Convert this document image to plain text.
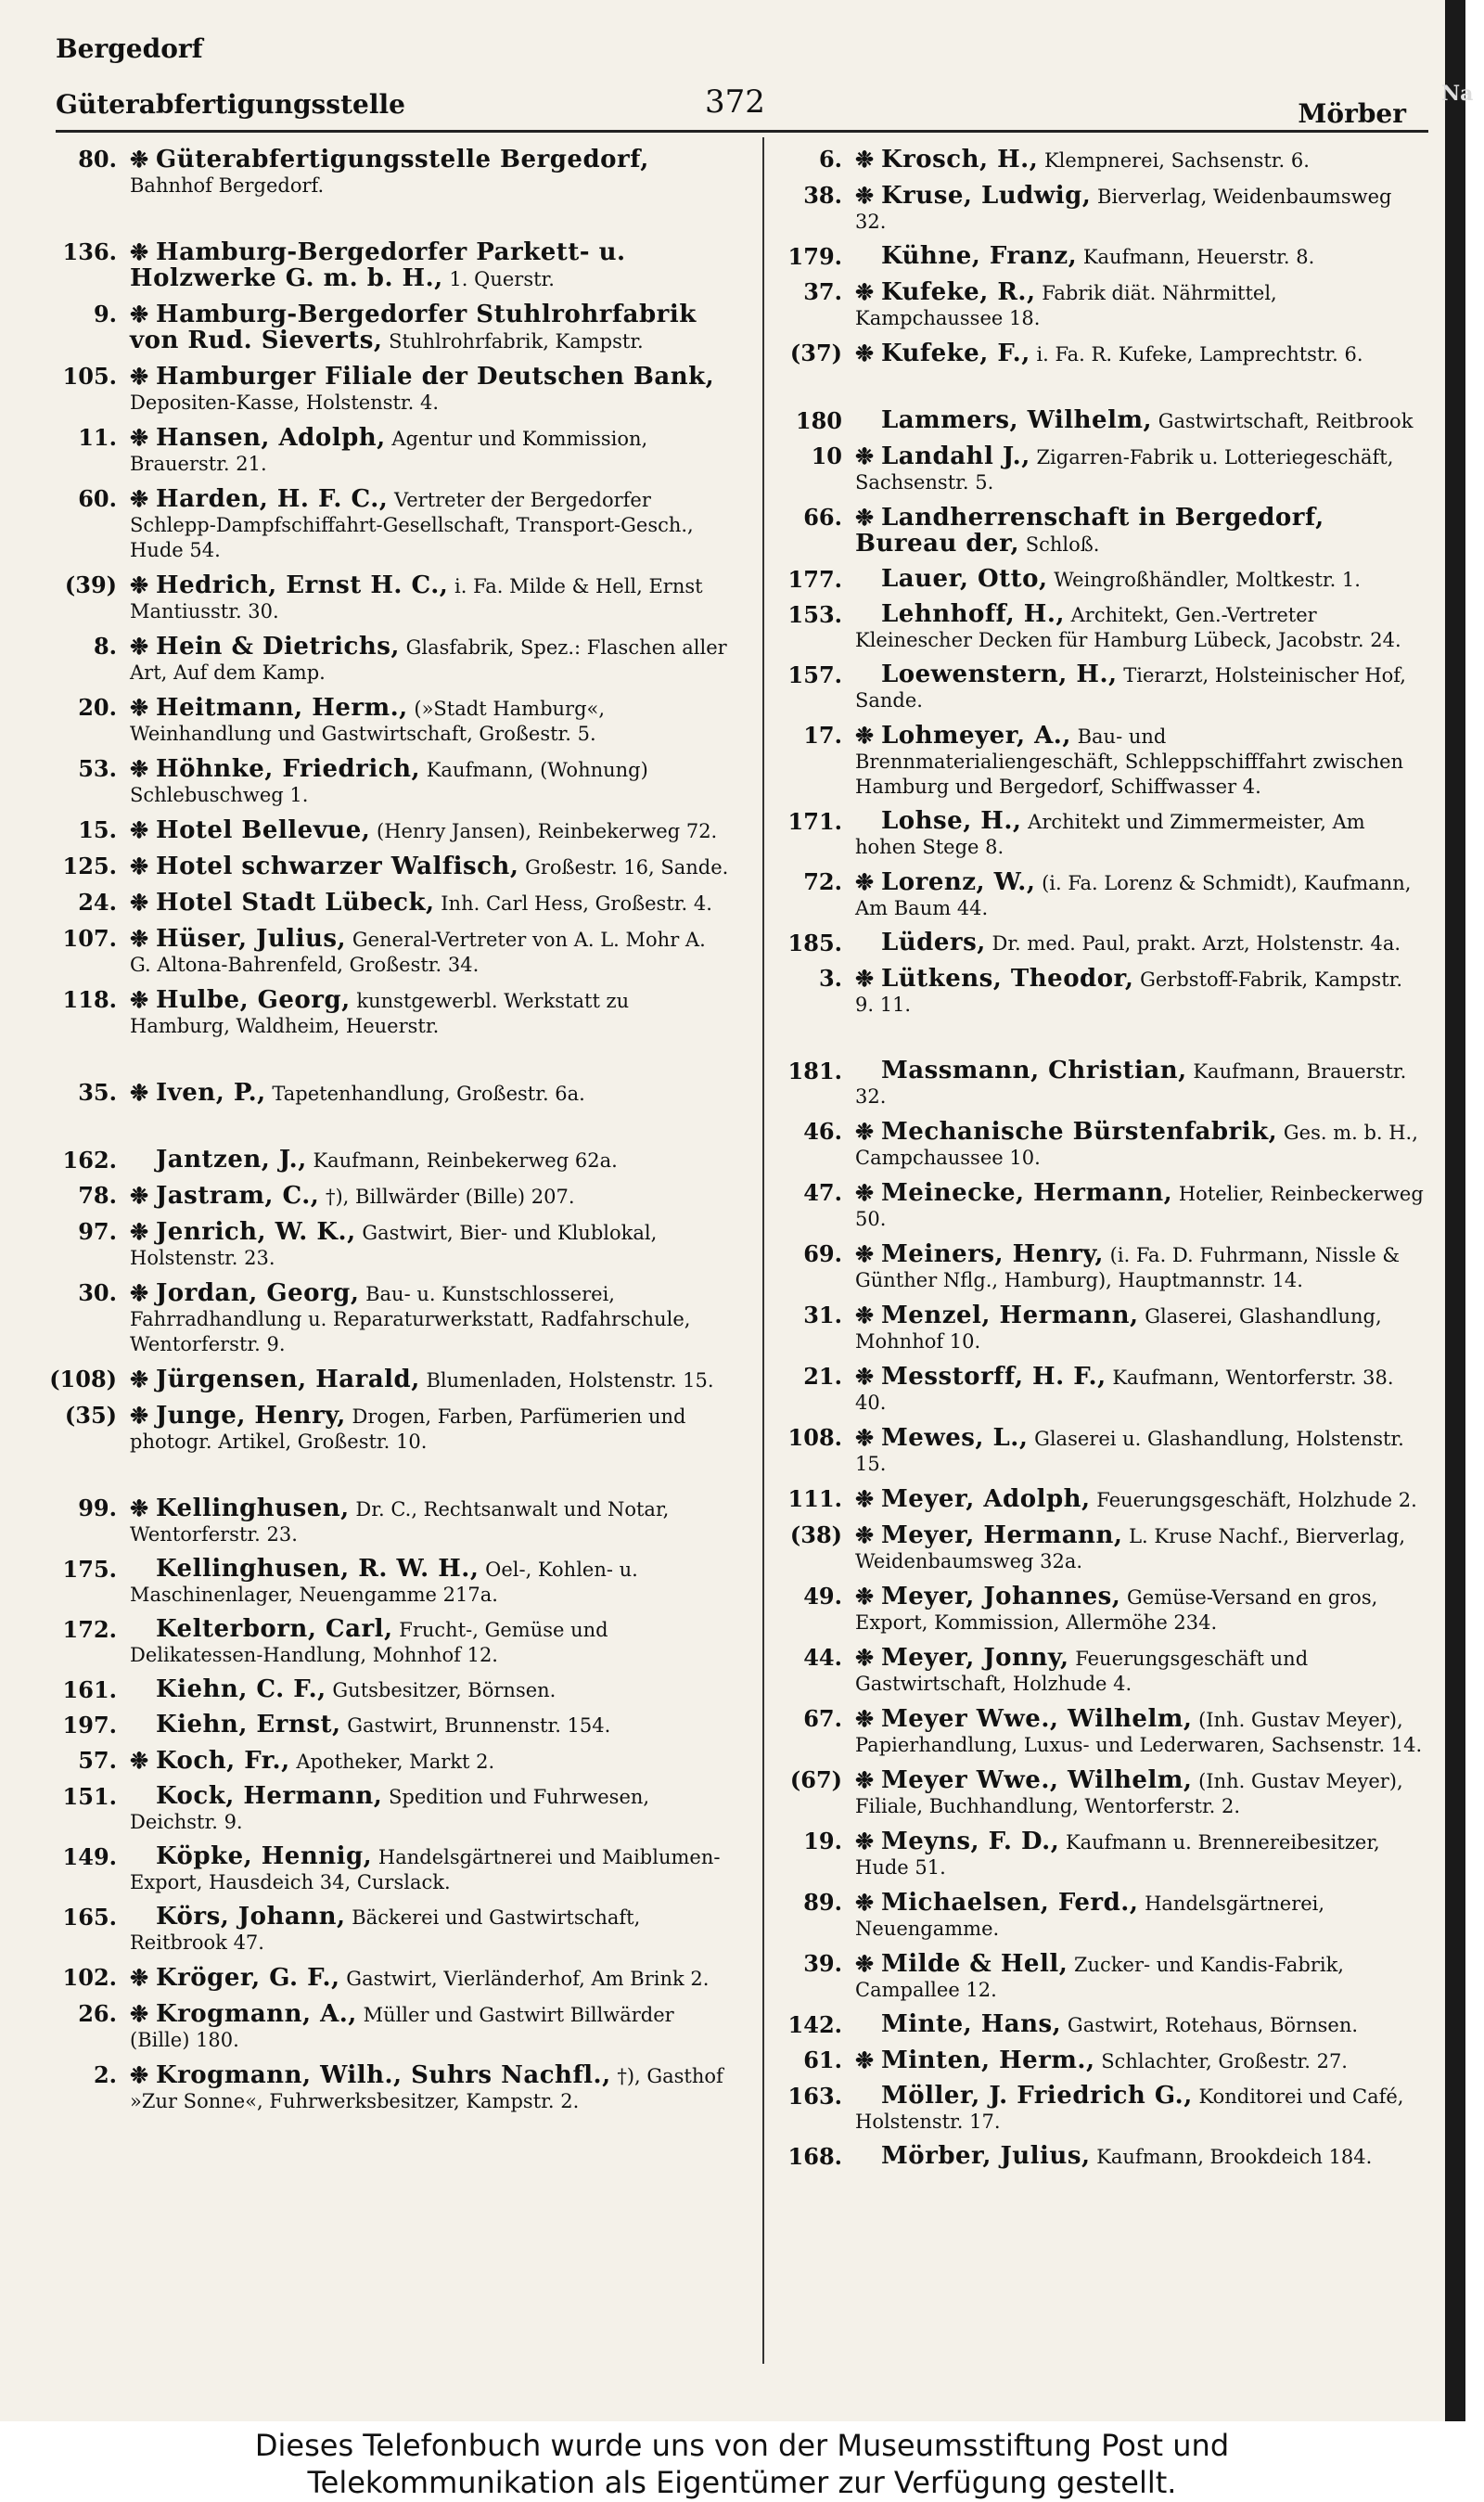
Bergedorf
Güterabfertigungsstelle	372	Mörber
80. ❉ Güterabfertigungsstelle Bergedorf, Bahnhof Bergedorf.
136. ❉ Hamburg-Bergedorfer Parkett- u. Holzwerke G. m. b. H., 1. Querstr.
9. ❉ Hamburg-Bergedorfer Stuhlrohrfabrik von Rud. Sieverts, Stuhlrohrfabrik, Kampstr.
105. ❉ Hamburger Filiale der Deutschen Bank, Depositen-Kasse, Holstenstr. 4.
11. ❉ Hansen, Adolph, Agentur und Kommission, Brauerstr. 21.
60. ❉ Harden, H. F. C., Vertreter der Bergedorfer Schlepp-Dampfschiffahrt-Gesellschaft, Transport-Gesch., Hude 54.
(39) ❉ Hedrich, Ernst H. C., i. Fa. Milde & Hell, Ernst Mantiusstr. 30.
8. ❉ Hein & Dietrichs, Glasfabrik, Spez.: Flaschen aller Art, Auf dem Kamp.
20. ❉ Heitmann, Herm., (»Stadt Hamburg«, Weinhandlung und Gastwirtschaft, Großestr. 5.
53. ❉ Höhnke, Friedrich, Kaufmann, (Wohnung) Schlebuschweg 1.
15. ❉ Hotel Bellevue, (Henry Jansen), Reinbekerweg 72.
125. ❉ Hotel schwarzer Walfisch, Großestr. 16, Sande.
24. ❉ Hotel Stadt Lübeck, Inh. Carl Hess, Großestr. 4.
107. ❉ Hüser, Julius, General-Vertreter von A. L. Mohr A. G. Altona-Bahrenfeld, Großestr. 34.
118. ❉ Hulbe, Georg, kunstgewerbl. Werkstatt zu Hamburg, Waldheim, Heuerstr.
35. ❉ Iven, P., Tapetenhandlung, Großestr. 6a.
162.	Jantzen, J., Kaufmann, Reinbekerweg 62a.
78. ❉ Jastram, C., †), Billwärder (Bille) 207.
97. ❉ Jenrich, W. K., Gastwirt, Bier- und Klublokal, Holstenstr. 23.
30. ❉ Jordan, Georg, Bau- u. Kunstschlosserei, Fahrradhandlung u. Reparaturwerkstatt, Radfahrschule, Wentorferstr. 9.
(108) ❉ Jürgensen, Harald, Blumenladen, Holstenstr. 15.
(35) ❉ Junge, Henry, Drogen, Farben, Parfümerien und photogr. Artikel, Großestr. 10.
99. ❉ Kellinghusen, Dr. C., Rechtsanwalt und Notar, Wentorferstr. 23.
175.	Kellinghusen, R. W. H., Oel-, Kohlen- u. Maschinenlager, Neuengamme 217a.
172.	Kelterborn, Carl, Frucht-, Gemüse und Delikatessen-Handlung, Mohnhof 12.
161.	Kiehn, C. F., Gutsbesitzer, Börnsen.
197.	Kiehn, Ernst, Gastwirt, Brunnenstr. 154.
57. ❉ Koch, Fr., Apotheker, Markt 2.
151.	Kock, Hermann, Spedition und Fuhrwesen, Deichstr. 9.
149.	Köpke, Hennig, Handelsgärtnerei und Maiblumen-Export, Hausdeich 34, Curslack.
165.	Körs, Johann, Bäckerei und Gastwirtschaft, Reitbrook 47.
102. ❉ Kröger, G. F., Gastwirt, Vierländerhof, Am Brink 2.
26. ❉ Krogmann, A., Müller und Gastwirt Billwärder (Bille) 180.
2. ❉ Krogmann, Wilh., Suhrs Nachfl., †), Gasthof »Zur Sonne«, Fuhrwerksbesitzer, Kampstr. 2.
6. ❉ Krosch, H., Klempnerei, Sachsenstr. 6.
38. ❉ Kruse, Ludwig, Bierverlag, Weidenbaumsweg 32.
179.	Kühne, Franz, Kaufmann, Heuerstr. 8.
37. ❉ Kufeke, R., Fabrik diät. Nährmittel, Kampchaussee 18.
(37) ❉ Kufeke, F., i. Fa. R. Kufeke, Lamprechtstr. 6.
180	Lammers, Wilhelm, Gastwirtschaft, Reitbrook
10 ❉ Landahl J., Zigarren-Fabrik u. Lotteriegeschäft, Sachsenstr. 5.
66. ❉ Landherrenschaft in Bergedorf, Bureau der, Schloß.
177.	Lauer, Otto, Weingroßhändler, Moltkestr. 1.
153.	Lehnhoff, H., Architekt, Gen.-Vertreter Kleinescher Decken für Hamburg Lübeck, Jacobstr. 24.
157.	Loewenstern, H., Tierarzt, Holsteinischer Hof, Sande.
17. ❉ Lohmeyer, A., Bau- und Brennmaterialiengeschäft, Schleppschifffahrt zwischen Hamburg und Bergedorf, Schiffwasser 4.
171.	Lohse, H., Architekt und Zimmermeister, Am hohen Stege 8.
72. ❉ Lorenz, W., (i. Fa. Lorenz & Schmidt), Kaufmann, Am Baum 44.
185.	Lüders, Dr. med. Paul, prakt. Arzt, Holstenstr. 4a.
3. ❉ Lütkens, Theodor, Gerbstoff-Fabrik, Kampstr. 9. 11.
181.	Massmann, Christian, Kaufmann, Brauerstr. 32.
46. ❉ Mechanische Bürstenfabrik, Ges. m. b. H., Campchaussee 10.
47. ❉ Meinecke, Hermann, Hotelier, Reinbeckerweg 50.
69. ❉ Meiners, Henry, (i. Fa. D. Fuhrmann, Nissle & Günther Nflg., Hamburg), Hauptmannstr. 14.
31. ❉ Menzel, Hermann, Glaserei, Glashandlung, Mohnhof 10.
21. ❉ Messtorff, H. F., Kaufmann, Wentorferstr. 38. 40.
108. ❉ Mewes, L., Glaserei u. Glashandlung, Holstenstr. 15.
111. ❉ Meyer, Adolph, Feuerungsgeschäft, Holzhude 2.
(38) ❉ Meyer, Hermann, L. Kruse Nachf., Bierverlag, Weidenbaumsweg 32a.
49. ❉ Meyer, Johannes, Gemüse-Versand en gros, Export, Kommission, Allermöhe 234.
44. ❉ Meyer, Jonny, Feuerungsgeschäft und Gastwirtschaft, Holzhude 4.
67. ❉ Meyer Wwe., Wilhelm, (Inh. Gustav Meyer), Papierhandlung, Luxus- und Lederwaren, Sachsenstr. 14.
(67) ❉ Meyer Wwe., Wilhelm, (Inh. Gustav Meyer), Filiale, Buchhandlung, Wentorferstr. 2.
19. ❉ Meyns, F. D., Kaufmann u. Brennereibesitzer, Hude 51.
89. ❉ Michaelsen, Ferd., Handelsgärtnerei, Neuengamme.
39. ❉ Milde & Hell, Zucker- und Kandis-Fabrik, Campallee 12.
142.	Minte, Hans, Gastwirt, Rotehaus, Börnsen.
61. ❉ Minten, Herm., Schlachter, Großestr. 27.
163.	Möller, J. Friedrich G., Konditorei und Café, Holstenstr. 17.
168.	Mörber, Julius, Kaufmann, Brookdeich 184.
Na
Dieses Telefonbuch wurde uns von der Museumsstiftung Post und
Telekommunikation als Eigentümer zur Verfügung gestellt.
